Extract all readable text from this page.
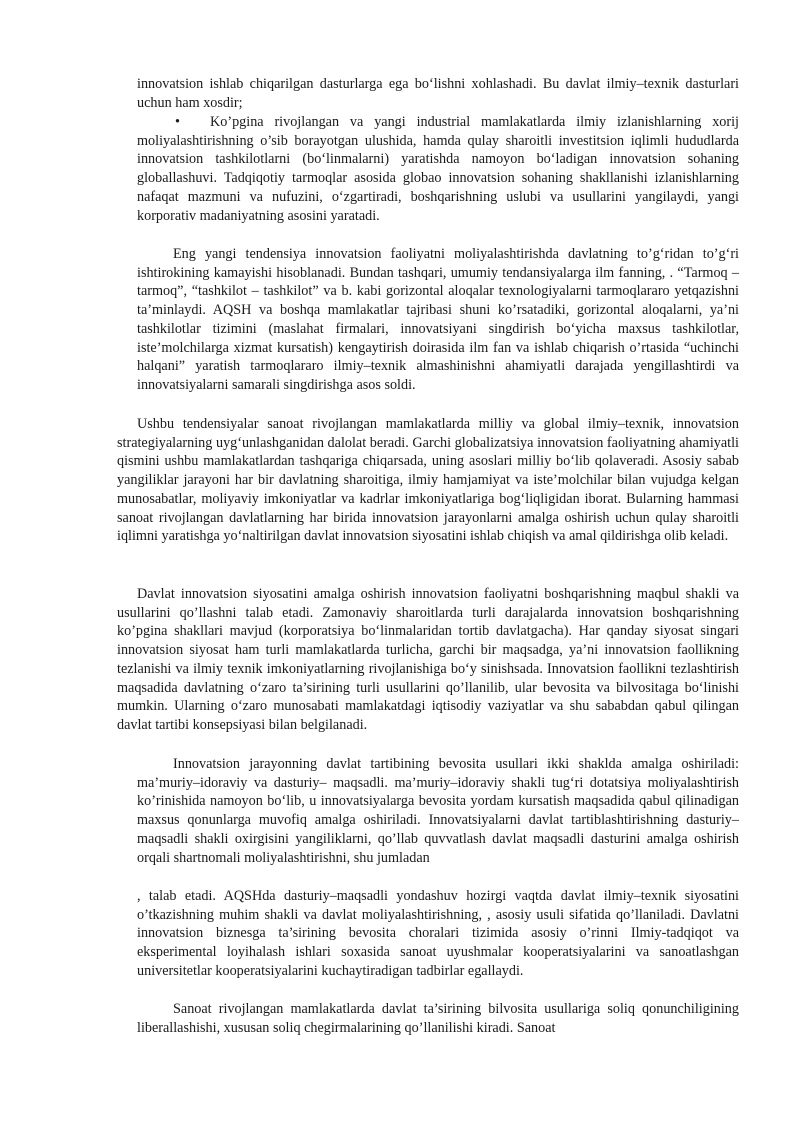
innovatsion ishlab chiqarilgan dasturlarga ega bo‘lishni xohlashadi. Bu davlat ilmiy–texnik dasturlari uchun ham xosdir;

• Ko’pgina rivojlangan va yangi industrial mamlakatlarda ilmiy izlanishlarning xorij moliyalashtirishning o’sib borayotgan ulushida, hamda qulay sharoitli investitsion iqlimli hududlarda innovatsion tashkilotlarni (bo‘linmalarni) yaratishda namoyon bo‘ladigan innovatsion sohaning globallashuvi. Tadqiqotiy tarmoqlar asosida globao innovatsion sohaning shakllanishi izlanishlarning nafaqat mazmuni va nufuzini, o‘zgartiradi, boshqarishning uslubi va usullarini yangilaydi, yangi korporativ madaniyatning asosini yaratadi.

Eng yangi tendensiya innovatsion faoliyatni moliyalashtirishda davlatning to’g‘ridan to’g‘ri ishtirokining kamayishi hisoblanadi. Bundan tashqari, umumiy tendansiyalarga ilm fanning, . “Tarmoq – tarmoq”, “tashkilot – tashkilot” va b. kabi gorizontal aloqalar texnologiyalarni tarmoqlararo yetqazishni ta’minlaydi. AQSH va boshqa mamlakatlar tajribasi shuni ko’rsatadiki, gorizontal aloqalarni, ya’ni tashkilotlar tizimini (maslahat firmalari, innovatsiyani singdirish bo‘yicha maxsus tashkilotlar, iste’molchilarga xizmat kursatish) kengaytirish doirasida ilm fan va ishlab chiqarish o’rtasida “uchinchi halqani” yaratish tarmoqlararo ilmiy–texnik almashinishni ahamiyatli darajada yengillashtirdi va innovatsiyalarni samarali singdirishga asos soldi.

Ushbu tendensiyalar sanoat rivojlangan mamlakatlarda milliy va global ilmiy–texnik, innovatsion strategiyalarning uyg‘unlashganidan dalolat beradi. Garchi globalizatsiya innovatsion faoliyatning ahamiyatli qismini ushbu mamlakatlardan tashqariga chiqarsada, uning asoslari milliy bo‘lib qolaveradi. Asosiy sabab yangiliklar jarayoni har bir davlatning sharoitiga, ilmiy hamjamiyat va iste’molchilar bilan vujudga kelgan munosabatlar, moliyaviy imkoniyatlar va kadrlar imkoniyatlariga bog‘liqligidan iborat. Bularning hammasi sanoat rivojlangan davlatlarning har birida innovatsion jarayonlarni amalga oshirish uchun qulay sharoitli iqlimni yaratishga yo‘naltirilgan davlat innovatsion siyosatini ishlab chiqish va amal qildirishga olib keladi.

Davlat innovatsion siyosatini amalga oshirish innovatsion faoliyatni boshqarishning maqbul shakli va usullarini qo’llashni talab etadi. Zamonaviy sharoitlarda turli darajalarda innovatsion boshqarishning ko’pgina shakllari mavjud (korporatsiya bo‘linmalaridan tortib davlatgacha). Har qanday siyosat singari innovatsion siyosat ham turli mamlakatlarda turlicha, garchi bir maqsadga, ya’ni innovatsion faollikning tezlanishi va ilmiy texnik imkoniyatlarning rivojlanishiga bo‘y sinishsada. Innovatsion faollikni tezlashtirish maqsadida davlatning o‘zaro ta’sirining turli usullarini qo’llanilib, ular bevosita va bilvositaga bo‘linishi mumkin. Ularning o‘zaro munosabati mamlakatdagi iqtisodiy vaziyatlar va shu sababdan qabul qilingan davlat tartibi konsepsiyasi bilan belgilanadi.

Innovatsion jarayonning davlat tartibining bevosita usullari ikki shaklda amalga oshiriladi: ma’muriy–idoraviy va dasturiy– maqsadli. ma’muriy–idoraviy shakli tug‘ri dotatsiya moliyalashtirish ko’rinishida namoyon bo‘lib, u innovatsiyalarga bevosita yordam kursatish maqsadida qabul qilinadigan maxsus qonunlarga muvofiq amalga oshiriladi. Innovatsiyalarni davlat tartiblashtirishning dasturiy–maqsadli shakli oxirgisini yangiliklarni, qo’llab quvvatlash davlat maqsadli dasturini amalga oshirish orqali shartnomali moliyalashtirishni, shu jumladan

, talab etadi. AQSHda dasturiy–maqsadli yondashuv hozirgi vaqtda davlat ilmiy–texnik siyosatini o’tkazishning muhim shakli va davlat moliyalashtirishning, , asosiy usuli sifatida qo’llaniladi. Davlatni innovatsion biznesga ta’sirining bevosita choralari tizimida asosiy o’rinni Ilmiy-tadqiqot va eksperimental loyihalash ishlari soxasida sanoat uyushmalar kooperatsiyalarini va sanoatlashgan universitetlar kooperatsiyalarini kuchaytiradigan tadbirlar egallaydi.

Sanoat rivojlangan mamlakatlarda davlat ta’sirining bilvosita usullariga soliq qonunchiligining liberallashishi, xususan soliq chegirmalarining qo’llanilishi kiradi. Sanoat
